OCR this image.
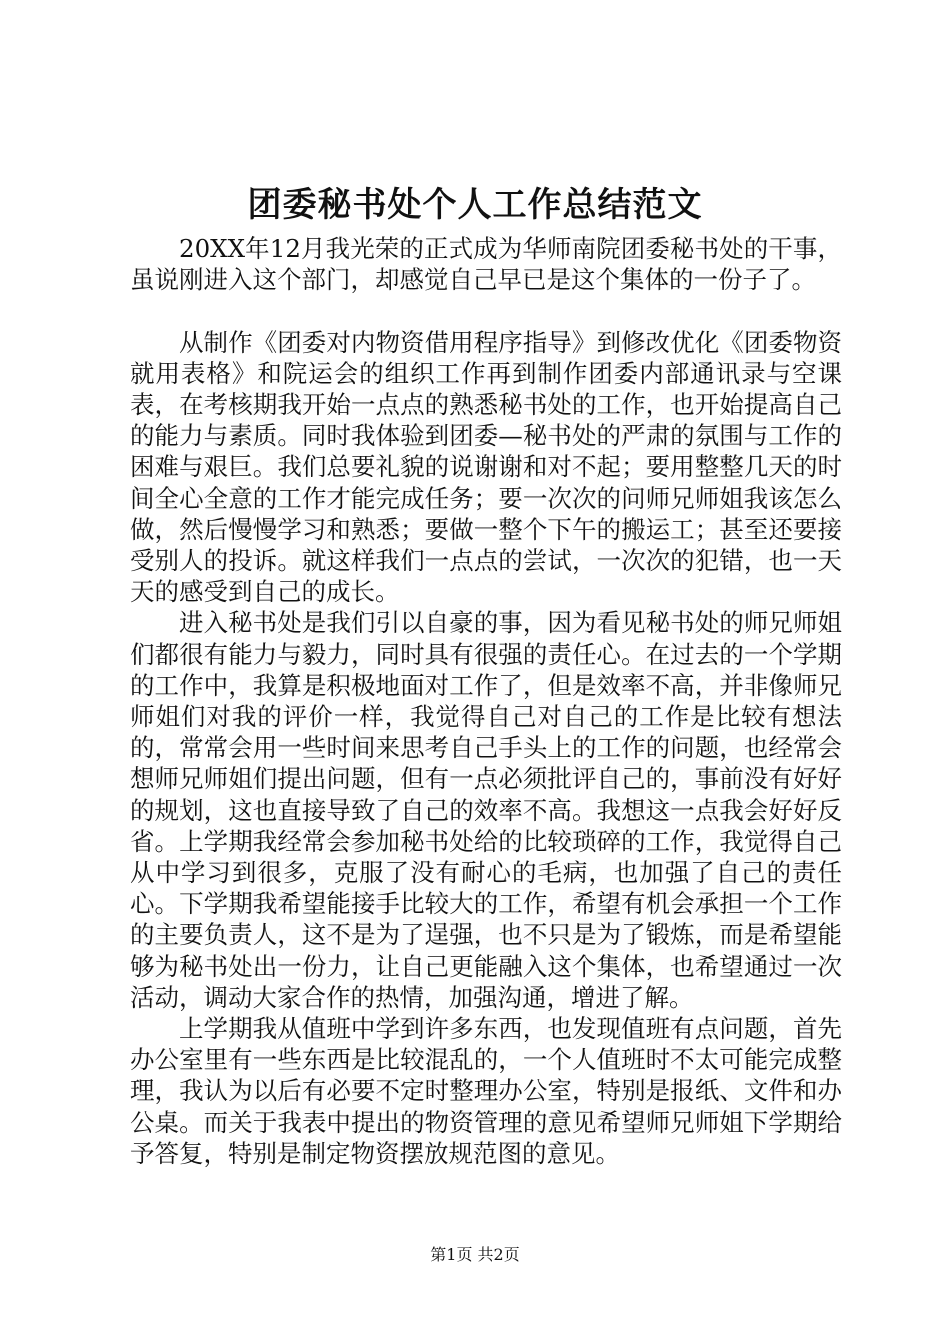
团委秘书处个人工作总结范文

20XX年12月我光荣的正式成为华师南院团委秘书处的干事，虽说刚进入这个部门，却感觉自己早已是这个集体的一份子了。

从制作《团委对内物资借用程序指导》到修改优化《团委物资就用表格》和院运会的组织工作再到制作团委内部通讯录与空课表，在考核期我开始一点点的熟悉秘书处的工作，也开始提高自己的能力与素质。同时我体验到团委—秘书处的严肃的氛围与工作的困难与艰巨。我们总要礼貌的说谢谢和对不起；要用整整几天的时间全心全意的工作才能完成任务；要一次次的问师兄师姐我该怎么做，然后慢慢学习和熟悉；要做一整个下午的搬运工；甚至还要接受别人的投诉。就这样我们一点点的尝试，一次次的犯错，也一天天的感受到自己的成长。

进入秘书处是我们引以自豪的事，因为看见秘书处的师兄师姐们都很有能力与毅力，同时具有很强的责任心。在过去的一个学期的工作中，我算是积极地面对工作了，但是效率不高，并非像师兄师姐们对我的评价一样，我觉得自己对自己的工作是比较有想法的，常常会用一些时间来思考自己手头上的工作的问题，也经常会想师兄师姐们提出问题，但有一点必须批评自己的，事前没有好好的规划，这也直接导致了自己的效率不高。我想这一点我会好好反省。上学期我经常会参加秘书处给的比较琐碎的工作，我觉得自己从中学习到很多，克服了没有耐心的毛病，也加强了自己的责任心。下学期我希望能接手比较大的工作，希望有机会承担一个工作的主要负责人，这不是为了逞强，也不只是为了锻炼，而是希望能够为秘书处出一份力，让自己更能融入这个集体，也希望通过一次活动，调动大家合作的热情，加强沟通，增进了解。

上学期我从值班中学到许多东西，也发现值班有点问题，首先办公室里有一些东西是比较混乱的，一个人值班时不太可能完成整理，我认为以后有必要不定时整理办公室，特别是报纸、文件和办公桌。而关于我表中提出的物资管理的意见希望师兄师姐下学期给予答复，特别是制定物资摆放规范图的意见。

第1页 共2页
